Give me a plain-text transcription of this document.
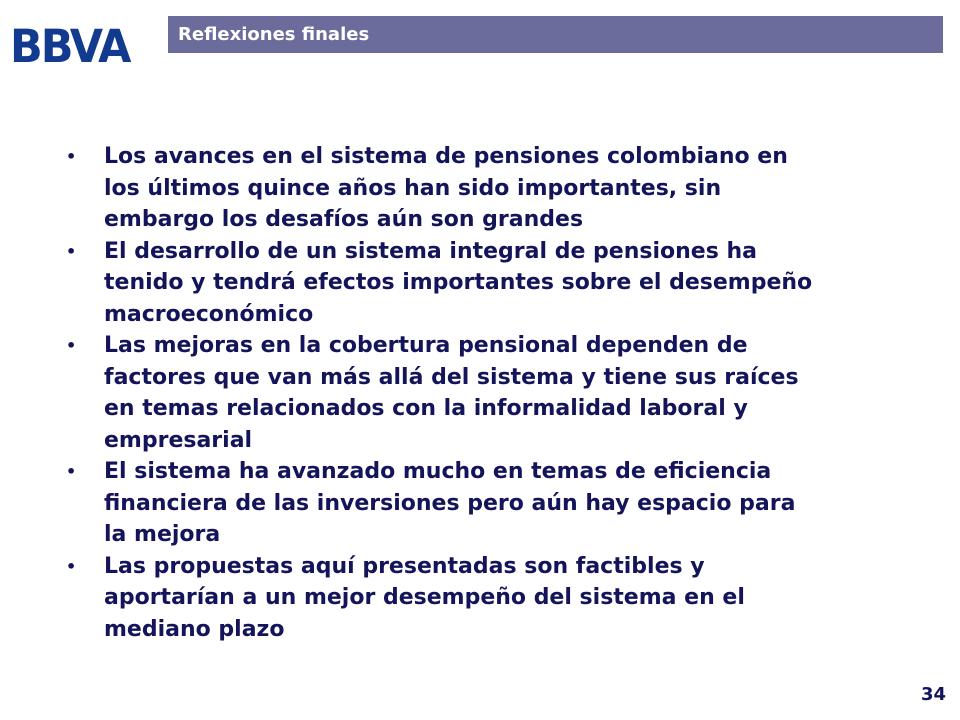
BBVA	Reflexiones finales
• Los avances en el sistema de pensiones colombiano en
los últimos quince años han sido importantes, sin
embargo los desafíos aún son grandes
• El desarrollo de un sistema integral de pensiones ha
tenido y tendrá efectos importantes sobre el desempeño
macroeconómico
• Las mejoras en la cobertura pensional dependen de
factores que van más allá del sistema y tiene sus raíces
en temas relacionados con la informalidad laboral y
empresarial
• El sistema ha avanzado mucho en temas de eficiencia
financiera de las inversiones pero aún hay espacio para
la mejora
• Las propuestas aquí presentadas son factibles y
aportarían a un mejor desempeño del sistema en el
mediano plazo
34
